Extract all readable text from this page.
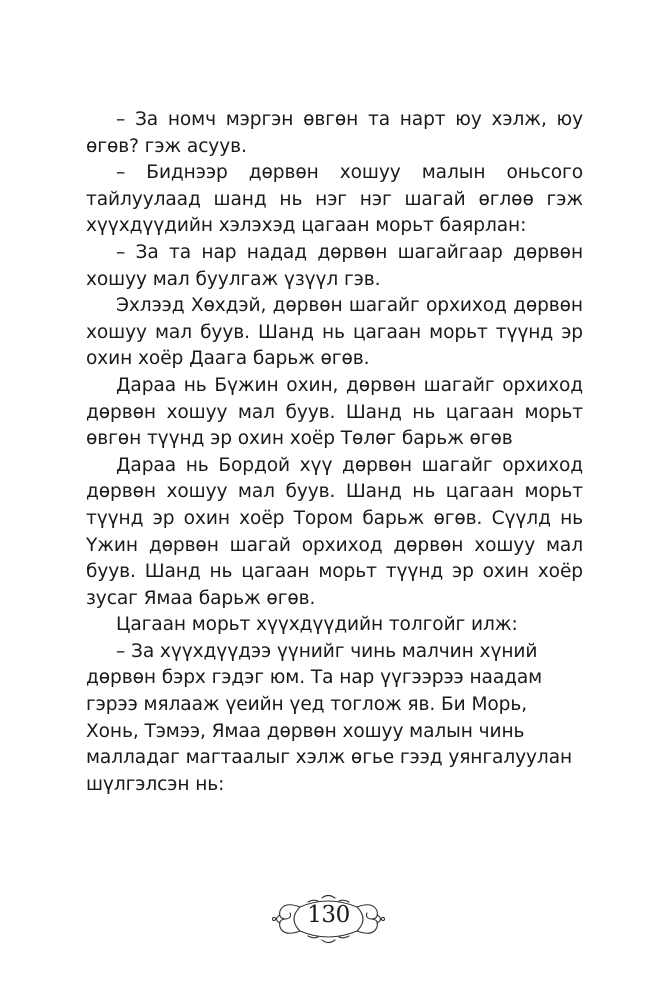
– За номч мэргэн өвгөн та нарт юу хэлж, юу өгөв? гэж асуув.

– Биднээр дөрвөн хошуу малын оньсого тайлуулаад шанд нь нэг нэг шагай өглөө гэж хүүхдүүдийн хэлэхэд цагаан морьт баярлан:

– За та нар надад дөрвөн шагайгаар дөрвөн хошуу мал буулгаж үзүүл гэв.

Эхлээд Хөхдэй, дөрвөн шагайг орхиход дөрвөн хошуу мал буув. Шанд нь цагаан морьт түүнд эр охин хоёр Даага барьж өгөв.

Дараа нь Бүжин охин, дөрвөн шагайг орхиход дөрвөн хошуу мал буув. Шанд нь цагаан морьт өвгөн түүнд эр охин хоёр Төлөг барьж өгөв

Дараа нь Бордой хүү дөрвөн шагайг орхиход дөрвөн хошуу мал буув. Шанд нь цагаан морьт түүнд эр охин хоёр Тором барьж өгөв. Сүүлд нь Үжин дөрвөн шагай орхиход дөрвөн хошуу мал буув. Шанд нь цагаан морьт түүнд эр охин хоёр зусаг Ямаа барьж өгөв.

Цагаан морьт хүүхдүүдийн толгойг илж:

– За хүүхдүүдээ үүнийг чинь малчин хүний дөрвөн бэрх гэдэг юм. Та нар үүгээрээ наадам гэрээ мялааж үеийн үед тоглож яв. Би Морь, Хонь, Тэмээ, Ямаа дөрвөн хошуу малын чинь малладаг магтаалыг хэлж өгье гээд уянгалуулан шүлгэлсэн нь:

130
